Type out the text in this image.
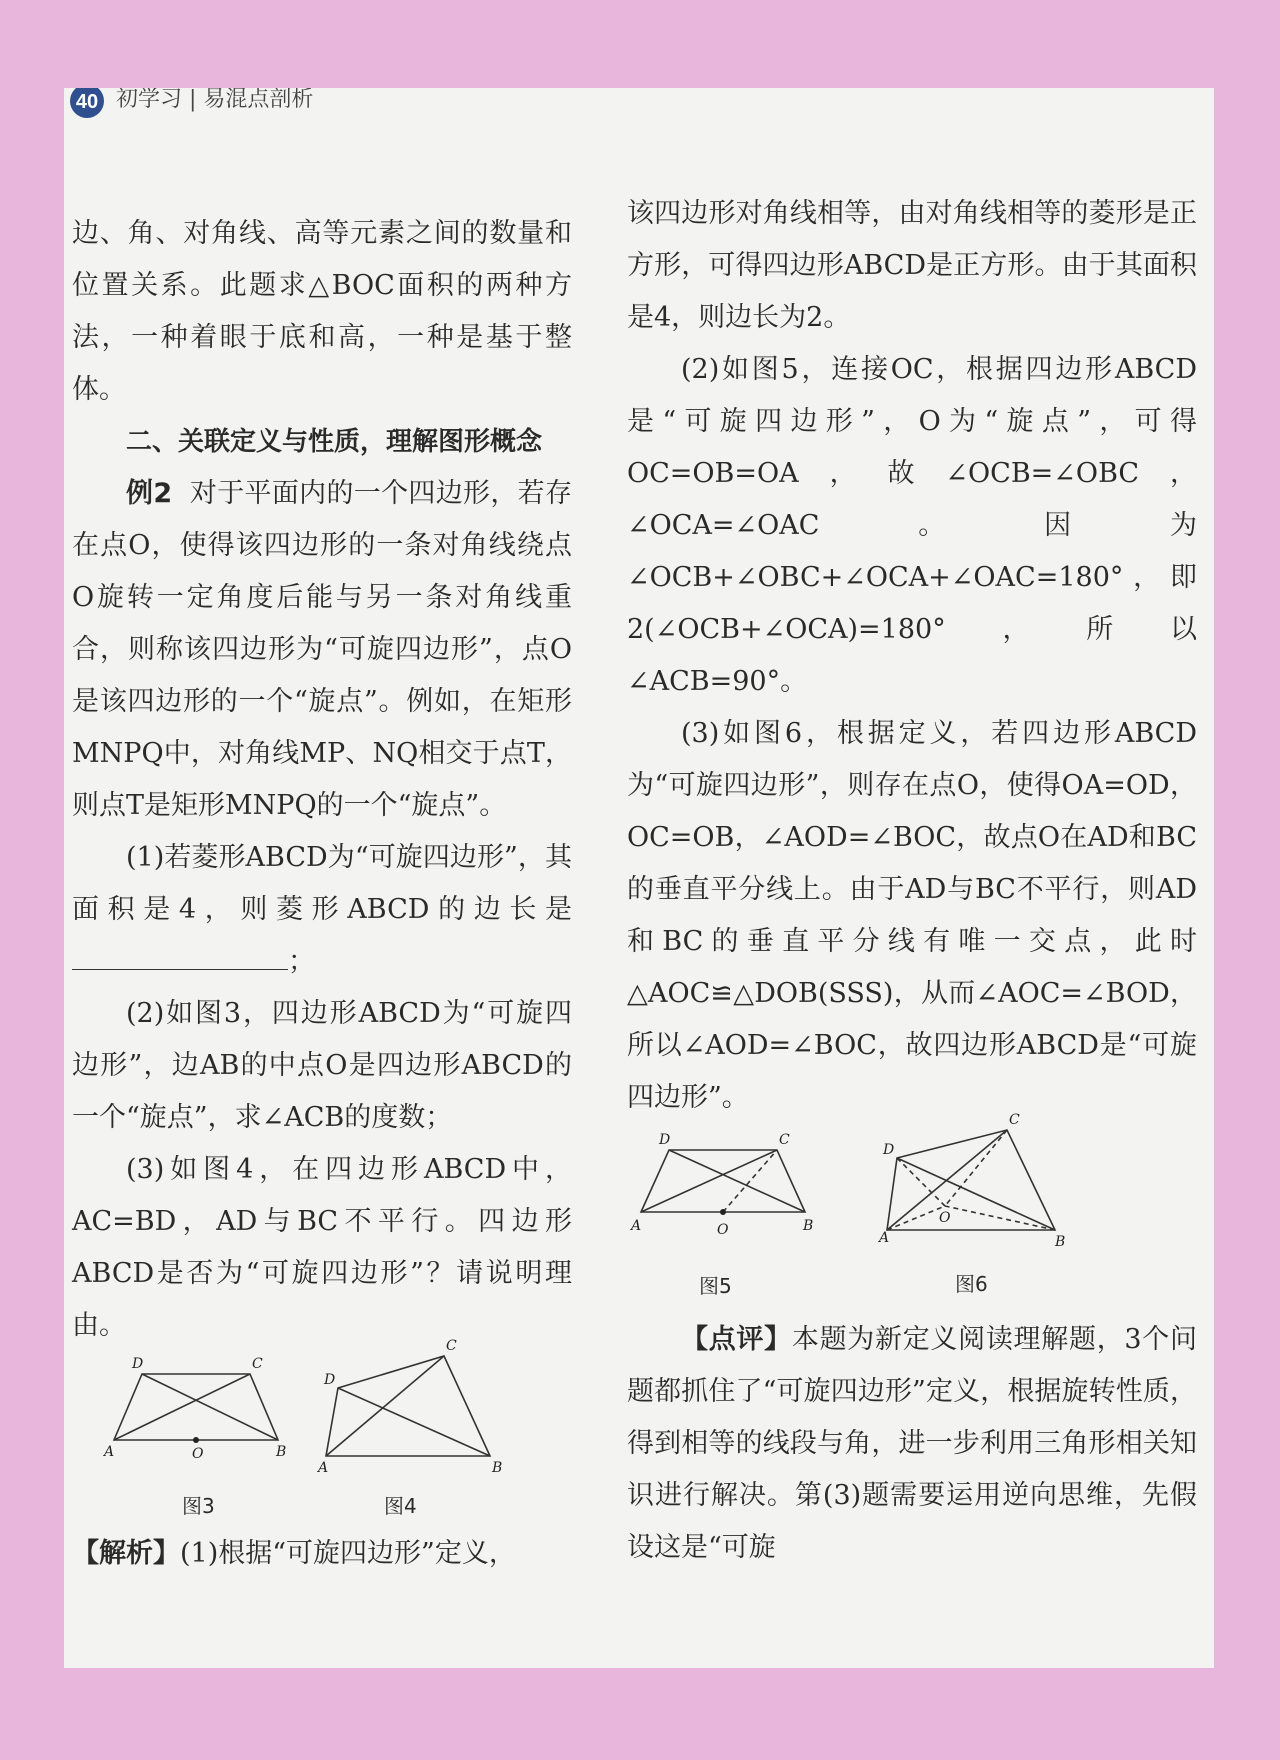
40 初学习 | 易混点剖析

边、角、对角线、高等元素之间的数量和位置关系。此题求△BOC面积的两种方法，一种着眼于底和高，一种是基于整体。

二、关联定义与性质，理解图形概念

例2 对于平面内的一个四边形，若存在点O，使得该四边形的一条对角线绕点O旋转一定角度后能与另一条对角线重合，则称该四边形为“可旋四边形”，点O是该四边形的一个“旋点”。例如，在矩形MNPQ中，对角线MP、NQ相交于点T，则点T是矩形MNPQ的一个“旋点”。

(1)若菱形ABCD为“可旋四边形”，其面积是4，则菱形ABCD的边长是；

(2)如图3，四边形ABCD为“可旋四边形”，边AB的中点O是四边形ABCD的一个“旋点”，求∠ACB的度数；

(3)如图4，在四边形ABCD中，AC=BD，AD与BC不平行。四边形ABCD是否为“可旋四边形”？请说明理由。

A	O	B
C
D
图3
A	B
C
D
图4

【解析】(1)根据“可旋四边形”定义，

该四边形对角线相等，由对角线相等的菱形是正方形，可得四边形ABCD是正方形。由于其面积是4，则边长为2。

(2)如图5，连接OC，根据四边形ABCD是“可旋四边形”，O为“旋点”，可得OC=OB=OA，故∠OCB=∠OBC，∠OCA=∠OAC。因为∠OCB+∠OBC+∠OCA+∠OAC=180°，即2(∠OCB+∠OCA)=180°，所以∠ACB=90°。

(3)如图6，根据定义，若四边形ABCD为“可旋四边形”，则存在点O，使得OA=OD，OC=OB，∠AOD=∠BOC，故点O在AD和BC的垂直平分线上。由于AD与BC不平行，则AD和BC的垂直平分线有唯一交点，此时△AOC≌△DOB(SSS)，从而∠AOC=∠BOD，所以∠AOD=∠BOC，故四边形ABCD是“可旋四边形”。

A	O	B
C
D
图5
A
O
B
C
D
图6

【点评】本题为新定义阅读理解题，3个问题都抓住了“可旋四边形”定义，根据旋转性质，得到相等的线段与角，进一步利用三角形相关知识进行解决。第(3)题需要运用逆向思维，先假设这是“可旋
